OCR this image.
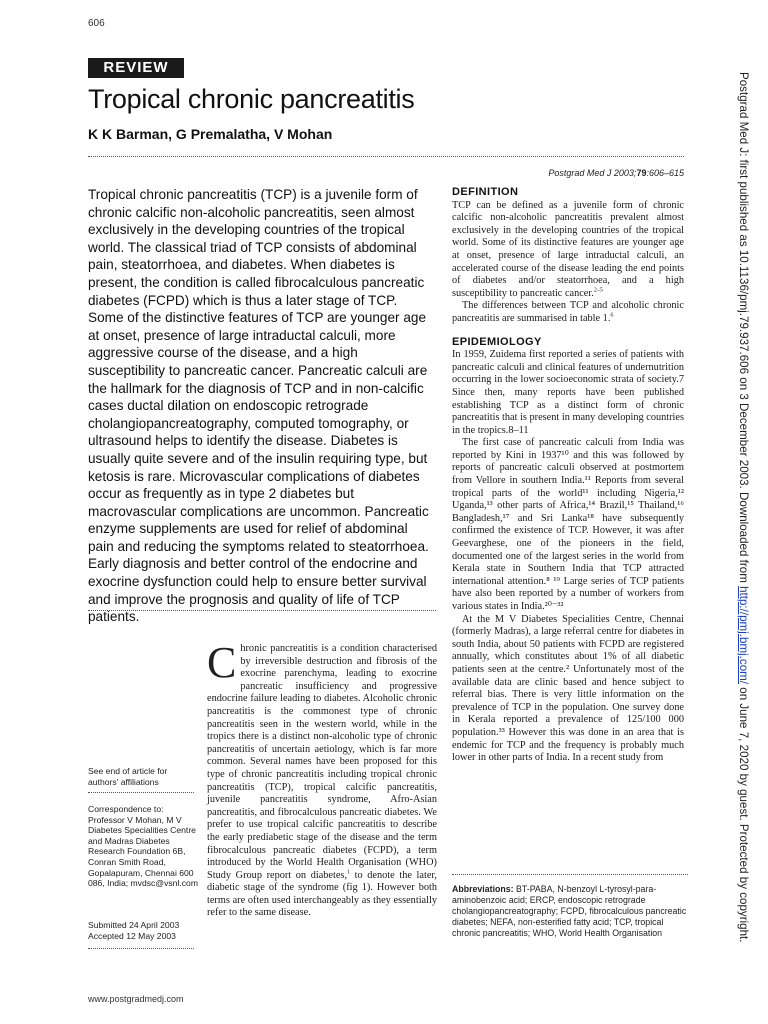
606
REVIEW
Tropical chronic pancreatitis
K K Barman, G Premalatha, V Mohan
Postgrad Med J 2003;79:606–615

Tropical chronic pancreatitis (TCP) is a juvenile form of chronic calcific non-alcoholic pancreatitis, seen almost exclusively in the developing countries of the tropical world. The classical triad of TCP consists of abdominal pain, steatorrhoea, and diabetes. When diabetes is present, the condition is called fibrocalculous pancreatic diabetes (FCPD) which is thus a later stage of TCP. Some of the distinctive features of TCP are younger age at onset, presence of large intraductal calculi, more aggressive course of the disease, and a high susceptibility to pancreatic cancer. Pancreatic calculi are the hallmark for the diagnosis of TCP and in non-calcific cases ductal dilation on endoscopic retrograde cholangiopancreatography, computed tomography, or ultrasound helps to identify the disease. Diabetes is usually quite severe and of the insulin requiring type, but ketosis is rare. Microvascular complications of diabetes occur as frequently as in type 2 diabetes but macrovascular complications are uncommon. Pancreatic enzyme supplements are used for relief of abdominal pain and reducing the symptoms related to steatorrhoea. Early diagnosis and better control of the endocrine and exocrine dysfunction could help to ensure better survival and improve the prognosis and quality of life of TCP patients.

See end of article for authors' affiliations

Correspondence to: Professor V Mohan, M V Diabetes Specialities Centre and Madras Diabetes Research Foundation 6B, Conran Smith Road, Gopalapuram, Chennai 600 086, India; mvdsc@vsnl.com

Submitted 24 April 2003

Accepted 12 May 2003

C hronic pancreatitis is a condition characterised by irreversible destruction and fibrosis of the exocrine parenchyma, leading to exocrine pancreatic insufficiency and progressive endocrine failure leading to diabetes. Alcoholic chronic pancreatitis is the commonest type of chronic pancreatitis seen in the western world, while in the tropics there is a distinct non-alcoholic type of chronic pancreatitis of uncertain aetiology, which is far more common. Several names have been proposed for this type of chronic pancreatitis including tropical chronic pancreatitis (TCP), tropical calcific pancreatitis, juvenile pancreatitis syndrome, Afro-Asian pancreatitis, and fibrocalculous pancreatic diabetes. We prefer to use tropical calcific pancreatitis to describe the early prediabetic stage of the disease and the term fibrocalculous pancreatic diabetes (FCPD), a term introduced by the World Health Organisation (WHO) Study Group report on diabetes,$^1$ to denote the later, diabetic stage of the syndrome (fig 1). However both terms are often used interchangeably as they essentially refer to the same disease.

DEFINITION

TCP can be defined as a juvenile form of chronic calcific non-alcoholic pancreatitis prevalent almost exclusively in the developing countries of the tropical world. Some of its distinctive features are younger age at onset, presence of large intraductal calculi, an accelerated course of the disease leading the end points of diabetes and/or steatorrhoea, and a high susceptibility to pancreatic cancer.$^{2-5}$

The differences between TCP and alcoholic chronic pancreatitis are summarised in table 1.$^6$

EPIDEMIOLOGY

In 1959, Zuidema first reported a series of patients with pancreatic calculi and clinical features of undernutrition occurring in the lower socioeconomic strata of society.7 Since then, many reports have been published establishing TCP as a distinct form of chronic pancreatitis that is present in many developing countries in the tropics.8–11

The first case of pancreatic calculi from India was reported by Kini in 1937¹⁰ and this was followed by reports of pancreatic calculi observed at postmortem from Vellore in southern India.¹¹ Reports from several tropical parts of the world¹¹ including Nigeria,¹² Uganda,¹³ other parts of Africa,¹⁴ Brazil,¹⁵ Thailand,¹⁶ Bangladesh,¹⁷ and Sri Lanka¹⁸ have subsequently confirmed the existence of TCP. However, it was after Geevarghese, one of the pioneers in the field, documented one of the largest series in the world from Kerala state in Southern India that TCP attracted international attention.⁸ ¹⁹ Large series of TCP patients have also been reported by a number of workers from various states in India.²⁰⁻³²

At the M V Diabetes Specialities Centre, Chennai (formerly Madras), a large referral centre for diabetes in south India, about 50 patients with FCPD are registered annually, which constitutes about 1% of all diabetic patients seen at the centre.² Unfortunately most of the available data are clinic based and hence subject to referral bias. There is very little information on the prevalence of TCP in the population. One survey done in Kerala reported a prevalence of 125/100 000 population.³³ However this was done in an area that is endemic for TCP and the frequency is probably much lower in other parts of India. In a recent study from

Abbreviations: BT-PABA, N-benzoyl L-tyrosyl-para-aminobenzoic acid; ERCP, endoscopic retrograde cholangiopancreatography; FCPD, fibrocalculous pancreatic diabetes; NEFA, non-esterified fatty acid; TCP, tropical chronic pancreatitis; WHO, World Health Organisation
www.postgradmedj.com
Postgrad Med J: first published as 10.1136/pmj.79.937.606 on 3 December 2003. Downloaded from http://pmj.bmj.com/ on June 7, 2020 by guest. Protected by copyright.
